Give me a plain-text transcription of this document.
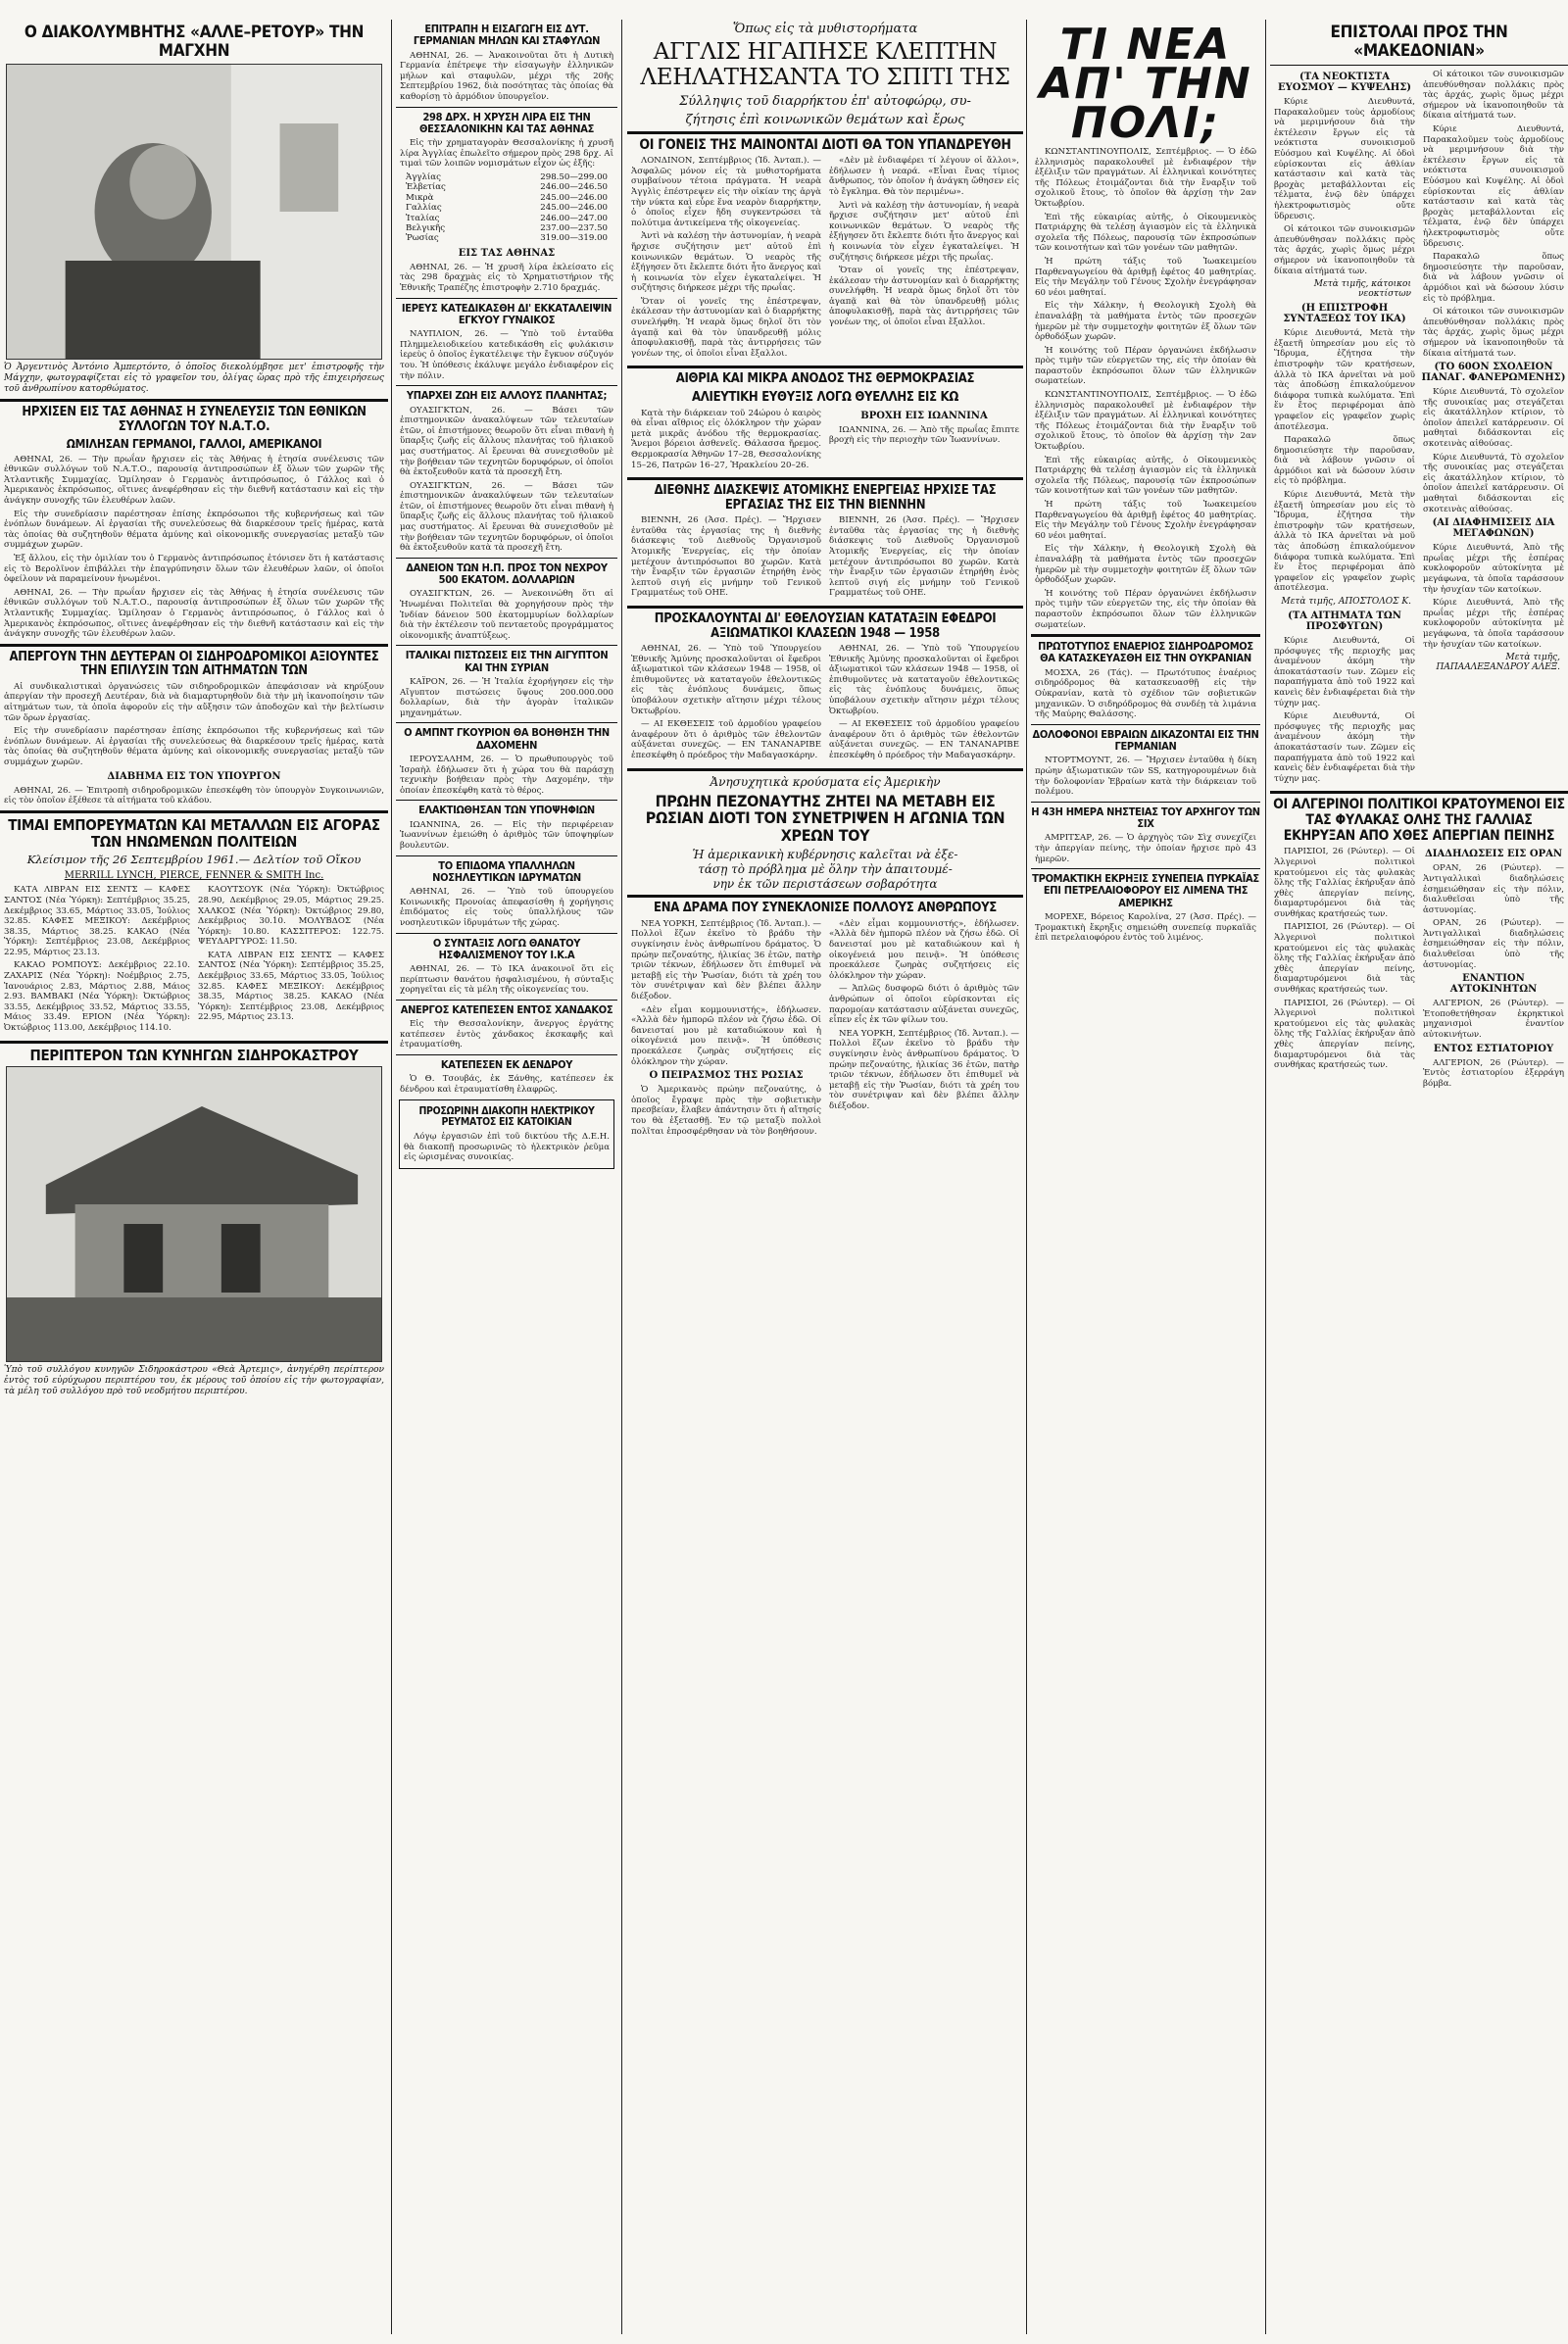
Ο ΔΙΑΚΟΛΥΜΒΗΤΗΣ «ΑΛΛΕ–ΡΕΤΟΥΡ» ΤΗΝ ΜΑΓΧΗΝ
Ὁ Ἀργεντινὸς Ἀντόνιο Ἀμπερτόντο, ὁ ὁποῖος διεκολύμβησε μετ' ἐπιστροφῆς τὴν Μάγχην, φωτογραφίζεται εἰς τὸ γραφεῖον του, ὀλίγας ὥρας πρὸ τῆς ἐπιχειρήσεως τοῦ ἀνθρωπίνου κατορθώματος.
ΗΡΧΙΣΕΝ ΕΙΣ ΤΑΣ ΑΘΗΝΑΣ Η ΣΥΝΕΛΕΥΣΙΣ ΤΩΝ ΕΘΝΙΚΩΝ ΣΥΛΛΟΓΩΝ ΤΟΥ Ν.Α.Τ.Ο.
ΩΜΙΛΗΣΑΝ ΓΕΡΜΑΝΟΙ, ΓΑΛΛΟΙ, ΑΜΕΡΙΚΑΝΟΙ

ΑΘΗΝΑΙ, 26. — Τὴν πρωΐαν ἤρχισεν εἰς τὰς Ἀθήνας ἡ ἐτησία συνέλευσις τῶν ἐθνικῶν συλλόγων τοῦ Ν.Α.Τ.Ο., παρουσίᾳ ἀντιπροσώπων ἐξ ὅλων τῶν χωρῶν τῆς Ἀτλαντικῆς Συμμαχίας. Ὡμίλησαν ὁ Γερμανὸς ἀντιπρόσωπος, ὁ Γάλλος καὶ ὁ Ἀμερικανὸς ἐκπρόσωπος, οἵτινες ἀνεφέρθησαν εἰς τὴν διεθνῆ κατάστασιν καὶ εἰς τὴν ἀνάγκην συνοχῆς τῶν ἐλευθέρων λαῶν.

Εἰς τὴν συνεδρίασιν παρέστησαν ἐπίσης ἐκπρόσωποι τῆς κυβερνήσεως καὶ τῶν ἐνόπλων δυνάμεων. Αἱ ἐργασίαι τῆς συνελεύσεως θὰ διαρκέσουν τρεῖς ἡμέρας, κατὰ τὰς ὁποίας θὰ συζητηθοῦν θέματα ἀμύνης καὶ οἰκονομικῆς συνεργασίας μεταξὺ τῶν συμμάχων χωρῶν.

Ἐξ ἄλλου, εἰς τὴν ὁμιλίαν του ὁ Γερμανὸς ἀντιπρόσωπος ἐτόνισεν ὅτι ἡ κατάστασις εἰς τὸ Βερολῖνον ἐπιβάλλει τὴν ἐπαγρύπνησιν ὅλων τῶν ἐλευθέρων λαῶν, οἱ ὁποῖοι ὀφείλουν νὰ παραμείνουν ἡνωμένοι.

ΑΘΗΝΑΙ, 26. — Τὴν πρωΐαν ἤρχισεν εἰς τὰς Ἀθήνας ἡ ἐτησία συνέλευσις τῶν ἐθνικῶν συλλόγων τοῦ Ν.Α.Τ.Ο., παρουσίᾳ ἀντιπροσώπων ἐξ ὅλων τῶν χωρῶν τῆς Ἀτλαντικῆς Συμμαχίας. Ὡμίλησαν ὁ Γερμανὸς ἀντιπρόσωπος, ὁ Γάλλος καὶ ὁ Ἀμερικανὸς ἐκπρόσωπος, οἵτινες ἀνεφέρθησαν εἰς τὴν διεθνῆ κατάστασιν καὶ εἰς τὴν ἀνάγκην συνοχῆς τῶν ἐλευθέρων λαῶν.

ΑΠΕΡΓΟΥΝ ΤΗΝ ΔΕΥΤΕΡΑΝ ΟΙ ΣΙΔΗΡΟΔΡΟΜΙΚΟΙ ΑΞΙΟΥΝΤΕΣ ΤΗΝ ΕΠΙΛΥΣΙΝ ΤΩΝ ΑΙΤΗΜΑΤΩΝ ΤΩΝ

Αἱ συνδικαλιστικαὶ ὀργανώσεις τῶν σιδηροδρομικῶν ἀπεφάσισαν νὰ κηρύξουν ἀπεργίαν τὴν προσεχῆ Δευτέραν, διὰ νὰ διαμαρτυρηθοῦν διὰ τὴν μὴ ἱκανοποίησιν τῶν αἰτημάτων των, τὰ ὁποῖα ἀφοροῦν εἰς τὴν αὔξησιν τῶν ἀποδοχῶν καὶ τὴν βελτίωσιν τῶν ὅρων ἐργασίας.

Εἰς τὴν συνεδρίασιν παρέστησαν ἐπίσης ἐκπρόσωποι τῆς κυβερνήσεως καὶ τῶν ἐνόπλων δυνάμεων. Αἱ ἐργασίαι τῆς συνελεύσεως θὰ διαρκέσουν τρεῖς ἡμέρας, κατὰ τὰς ὁποίας θὰ συζητηθοῦν θέματα ἀμύνης καὶ οἰκονομικῆς συνεργασίας μεταξὺ τῶν συμμάχων χωρῶν.

ΔΙΑΒΗΜΑ ΕΙΣ ΤΟΝ ΥΠΟΥΡΓΟΝ

ΑΘΗΝΑΙ, 26. — Ἐπιτροπὴ σιδηροδρομικῶν ἐπεσκέφθη τὸν ὑπουργὸν Συγκοινωνιῶν, εἰς τὸν ὁποῖον ἐξέθεσε τὰ αἰτήματα τοῦ κλάδου.

ΤΙΜΑΙ ΕΜΠΟΡΕΥΜΑΤΩΝ ΚΑΙ ΜΕΤΑΛΛΩΝ ΕΙΣ ΑΓΟΡΑΣ ΤΩΝ ΗΝΩΜΕΝΩΝ ΠΟΛΙΤΕΙΩΝ
Κλείσιμον τῆς 26 Σεπτεμβρίου 1961.— Δελτίον τοῦ Οἴκου
MERRILL LYNCH, PIERCE, FENNER & SMITH Inc.

ΚΑΤΑ ΛΙΒΡΑΝ ΕΙΣ ΣΕΝΤΣ — ΚΑΦΕΣ ΣΑΝΤΟΣ (Νέα Ὑόρκη): Σεπτέμβριος 35.25, Δεκέμβριος 33.65, Μάρτιος 33.05, Ἰούλιος 32.85. ΚΑΦΕΣ ΜΕΞΙΚΟΥ: Δεκέμβριος 38.35, Μάρτιος 38.25. ΚΑΚΑΟ (Νέα Ὑόρκη): Σεπτέμβριος 23.08, Δεκέμβριος 22.95, Μάρτιος 23.13.

ΚΑΚΑΟ ΡΟΜΠΟΥΣ: Δεκέμβριος 22.10. ΖΑΧΑΡΙΣ (Νέα Ὑόρκη): Νοέμβριος 2.75, Ἰανουάριος 2.83, Μάρτιος 2.88, Μάιος 2.93. ΒΑΜΒΑΚΙ (Νέα Ὑόρκη): Ὀκτώβριος 33.55, Δεκέμβριος 33.52, Μάρτιος 33.55, Μάιος 33.49. ΕΡΙΟΝ (Νέα Ὑόρκη): Ὀκτώβριος 113.00, Δεκέμβριος 114.10.

ΚΑΟΥΤΣΟΥΚ (Νέα Ὑόρκη): Ὀκτώβριος 28.90, Δεκέμβριος 29.05, Μάρτιος 29.25. ΧΑΛΚΟΣ (Νέα Ὑόρκη): Ὀκτώβριος 29.80, Δεκέμβριος 30.10. ΜΟΛΥΒΔΟΣ (Νέα Ὑόρκη): 10.80. ΚΑΣΣΙΤΕΡΟΣ: 122.75. ΨΕΥΔΑΡΓΥΡΟΣ: 11.50.

ΚΑΤΑ ΛΙΒΡΑΝ ΕΙΣ ΣΕΝΤΣ — ΚΑΦΕΣ ΣΑΝΤΟΣ (Νέα Ὑόρκη): Σεπτέμβριος 35.25, Δεκέμβριος 33.65, Μάρτιος 33.05, Ἰούλιος 32.85. ΚΑΦΕΣ ΜΕΞΙΚΟΥ: Δεκέμβριος 38.35, Μάρτιος 38.25. ΚΑΚΑΟ (Νέα Ὑόρκη): Σεπτέμβριος 23.08, Δεκέμβριος 22.95, Μάρτιος 23.13.

ΠΕΡΙΠΤΕΡΟΝ ΤΩΝ ΚΥΝΗΓΩΝ ΣΙΔΗΡΟΚΑΣΤΡΟΥ
Ὑπὸ τοῦ συλλόγου κυνηγῶν Σιδηροκάστρου «Θεὰ Ἀρτεμις», ἀνηγέρθη περίπτερον ἐντὸς τοῦ εὐρύχωρου περιπτέρου του, ἐκ μέρους τοῦ ὁποίου εἰς τὴν φωτογραφίαν, τὰ μέλη τοῦ συλλόγου πρὸ τοῦ νεοδμήτου περιπτέρου.
ΕΠΙΤΡΑΠΗ Η ΕΙΣΑΓΩΓΗ ΕΙΣ ΔΥΤ. ΓΕΡΜΑΝΙΑΝ ΜΗΛΩΝ ΚΑΙ ΣΤΑΦΥΛΩΝ

ΑΘΗΝΑΙ, 26. — Ἀνακοινοῦται ὅτι ἡ Δυτικὴ Γερμανία ἐπέτρεψε τὴν εἰσαγωγὴν ἑλληνικῶν μήλων καὶ σταφυλῶν, μέχρι τῆς 20ῆς Σεπτεμβρίου 1962, διὰ ποσότητας τὰς ὁποίας θὰ καθορίσῃ τὸ ἀρμόδιον ὑπουργεῖον.

298 ΔΡΧ. Η ΧΡΥΣΗ ΛΙΡΑ ΕΙΣ ΤΗΝ ΘΕΣΣΑΛΟΝΙΚΗΝ ΚΑΙ ΤΑΣ ΑΘΗΝΑΣ

Εἰς τὴν χρηματαγορὰν Θεσσαλονίκης ἡ χρυσῆ λίρα Ἀγγλίας ἐπωλεῖτο σήμερον πρὸς 298 δρχ. Αἱ τιμαὶ τῶν λοιπῶν νομισμάτων εἶχον ὡς ἑξῆς:

Ἀγγλίας	298.50—299.00
Ἑλβετίας	246.00—246.50
Μικρὰ	245.00—246.00
Γαλλίας	245.00—246.00
Ἰταλίας	246.00—247.00
Βελγικῆς	237.00—237.50
Ῥωσίας	319.00—319.00
ΕΙΣ ΤΑΣ ΑΘΗΝΑΣ

ΑΘΗΝΑΙ, 26. — Ἡ χρυσῆ λίρα ἐκλείσατο εἰς τὰς 298 δραχμὰς εἰς τὸ Χρηματιστήριον τῆς Ἐθνικῆς Τραπέζης ἐπιστροφὴν 2.710 δραχμάς.

ΙΕΡΕΥΣ ΚΑΤΕΔΙΚΑΣΘΗ ΔΙ' ΕΚΚΑΤΑΛΕΙΨΙΝ ΕΓΚΥΟΥ ΓΥΝΑΙΚΟΣ

ΝΑΥΠΛΙΟΝ, 26. — Ὑπὸ τοῦ ἐνταῦθα Πλημμελειοδικείου κατεδικάσθη εἰς φυλάκισιν ἱερεὺς ὁ ὁποῖος ἐγκατέλειψε τὴν ἔγκυον σύζυγόν του. Ἡ ὑπόθεσις ἐκάλυψε μεγάλο ἐνδιαφέρον εἰς τὴν πόλιν.

ΥΠΑΡΧΕΙ ΖΩΗ ΕΙΣ ΑΛΛΟΥΣ ΠΛΑΝΗΤΑΣ;

ΟΥΑΣΙΓΚΤΩΝ, 26. — Βάσει τῶν ἐπιστημονικῶν ἀνακαλύψεων τῶν τελευταίων ἐτῶν, οἱ ἐπιστήμονες θεωροῦν ὅτι εἶναι πιθανὴ ἡ ὕπαρξις ζωῆς εἰς ἄλλους πλανήτας τοῦ ἡλιακοῦ μας συστήματος. Αἱ ἔρευναι θὰ συνεχισθοῦν μὲ τὴν βοήθειαν τῶν τεχνητῶν δορυφόρων, οἱ ὁποῖοι θὰ ἐκτοξευθοῦν κατὰ τὰ προσεχῆ ἔτη.

ΟΥΑΣΙΓΚΤΩΝ, 26. — Βάσει τῶν ἐπιστημονικῶν ἀνακαλύψεων τῶν τελευταίων ἐτῶν, οἱ ἐπιστήμονες θεωροῦν ὅτι εἶναι πιθανὴ ἡ ὕπαρξις ζωῆς εἰς ἄλλους πλανήτας τοῦ ἡλιακοῦ μας συστήματος. Αἱ ἔρευναι θὰ συνεχισθοῦν μὲ τὴν βοήθειαν τῶν τεχνητῶν δορυφόρων, οἱ ὁποῖοι θὰ ἐκτοξευθοῦν κατὰ τὰ προσεχῆ ἔτη.

ΔΑΝΕΙΟΝ ΤΩΝ Η.Π. ΠΡΟΣ ΤΟΝ ΝΕΧΡΟΥ 500 ΕΚΑΤΟΜ. ΔΟΛΛΑΡΙΩΝ

ΟΥΑΣΙΓΚΤΩΝ, 26. — Ἀνεκοινώθη ὅτι αἱ Ἡνωμέναι Πολιτεῖαι θὰ χορηγήσουν πρὸς τὴν Ἰνδίαν δάνειον 500 ἑκατομμυρίων δολλαρίων διὰ τὴν ἐκτέλεσιν τοῦ πενταετοῦς προγράμματος οἰκονομικῆς ἀναπτύξεως.

ΙΤΑΛΙΚΑΙ ΠΙΣΤΩΣΕΙΣ ΕΙΣ ΤΗΝ ΑΙΓΥΠΤΟΝ ΚΑΙ ΤΗΝ ΣΥΡΙΑΝ

ΚΑΪΡΟΝ, 26. — Ἡ Ἰταλία ἐχορήγησεν εἰς τὴν Αἴγυπτον πιστώσεις ὕψους 200.000.000 δολλαρίων, διὰ τὴν ἀγορὰν ἰταλικῶν μηχανημάτων.

Ο ΑΜΠΝΤ ΓΚΟΥΡΙΟΝ ΘΑ ΒΟΗΘΗΣΗ ΤΗΝ ΔΑΧΟΜΕΗΝ

ΙΕΡΟΥΣΑΛΗΜ, 26. — Ὁ πρωθυπουργὸς τοῦ Ἰσραὴλ ἐδήλωσεν ὅτι ἡ χώρα του θὰ παράσχῃ τεχνικὴν βοήθειαν πρὸς τὴν Δαχομέην, τὴν ὁποίαν ἐπεσκέφθη κατὰ τὸ θέρος.

ΕΛΑΚΤΙΩΘΗΣΑΝ ΤΩΝ ΥΠΟΨΗΦΙΩΝ

ΙΩΑΝΝΙΝΑ, 26. — Εἰς τὴν περιφέρειαν Ἰωαννίνων ἐμειώθη ὁ ἀριθμὸς τῶν ὑποψηφίων βουλευτῶν.

ΤΟ ΕΠΙΔΟΜΑ ΥΠΑΛΛΗΛΩΝ ΝΟΣΗΛΕΥΤΙΚΩΝ ΙΔΡΥΜΑΤΩΝ

ΑΘΗΝΑΙ, 26. — Ὑπὸ τοῦ ὑπουργείου Κοινωνικῆς Προνοίας ἀπεφασίσθη ἡ χορήγησις ἐπιδόματος εἰς τοὺς ὑπαλλήλους τῶν νοσηλευτικῶν ἱδρυμάτων τῆς χώρας.

Ο ΣΥΝΤΑΞΙΣ ΛΟΓΩ ΘΑΝΑΤΟΥ ΗΣΦΑΛΙΣΜΕΝΟΥ ΤΟΥ Ι.Κ.Α

ΑΘΗΝΑΙ, 26. — Τὸ ΙΚΑ ἀνακοινοῖ ὅτι εἰς περίπτωσιν θανάτου ἠσφαλισμένου, ἡ σύνταξις χορηγεῖται εἰς τὰ μέλη τῆς οἰκογενείας του.

ΑΝΕΡΓΟΣ ΚΑΤΕΠΕΣΕΝ ΕΝΤΟΣ ΧΑΝΔΑΚΟΣ

Εἰς τὴν Θεσσαλονίκην, ἄνεργος ἐργάτης κατέπεσεν ἐντὸς χάνδακος ἐκσκαφῆς καὶ ἐτραυματίσθη.

ΚΑΤΕΠΕΣΕΝ ΕΚ ΔΕΝΔΡΟΥ

Ὁ Θ. Τσουβάς, ἐκ Ξάνθης, κατέπεσεν ἐκ δένδρου καὶ ἐτραυματίσθη ἐλαφρῶς.

ΠΡΟΣΩΡΙΝΗ ΔΙΑΚΟΠΗ ΗΛΕΚΤΡΙΚΟΥ ΡΕΥΜΑΤΟΣ ΕΙΣ ΚΑΤΟΙΚΙΑΝ

Λόγῳ ἐργασιῶν ἐπὶ τοῦ δικτύου τῆς Δ.Ε.Η. θὰ διακοπῇ προσωρινῶς τὸ ἠλεκτρικὸν ῥεῦμα εἰς ὡρισμένας συνοικίας.

Ὅπως εἰς τὰ μυθιστορήματα
ΑΓΓΛΙΣ ΗΓΑΠΗΣΕ ΚΛΕΠΤΗΝ ΛΕΗΛΑΤΗΣΑΝΤΑ ΤΟ ΣΠΙΤΙ ΤΗΣ
Σύλληψις τοῦ διαρρήκτου ἐπ' αὐτοφώρῳ, συ-
ζήτησις ἐπὶ κοινωνικῶν θεμάτων καὶ ἔρως
ΟΙ ΓΟΝΕΙΣ ΤΗΣ ΜΑΙΝΟΝΤΑΙ ΔΙΟΤΙ ΘΑ ΤΟΝ ΥΠΑΝΔΡΕΥΘΗ

ΛΟΝΔΙΝΟΝ, Σεπτέμβριος (Ἰδ. Ἀνταπ.). — Ἀσφαλῶς μόνον εἰς τὰ μυθιστορήματα συμβαίνουν τέτοια πράγματα. Ἡ νεαρὰ Ἀγγλὶς ἐπέστρεψεν εἰς τὴν οἰκίαν της ἀργὰ τὴν νύκτα καὶ εὗρε ἕνα νεαρὸν διαρρήκτην, ὁ ὁποῖος εἶχεν ἤδη συγκεντρώσει τὰ πολύτιμα ἀντικείμενα τῆς οἰκογενείας.

Ἀντὶ νὰ καλέσῃ τὴν ἀστυνομίαν, ἡ νεαρὰ ἤρχισε συζήτησιν μετ' αὐτοῦ ἐπὶ κοινωνικῶν θεμάτων. Ὁ νεαρὸς τῆς ἐξήγησεν ὅτι ἔκλεπτε διότι ἦτο ἄνεργος καὶ ἡ κοινωνία τὸν εἶχεν ἐγκαταλείψει. Ἡ συζήτησις διήρκεσε μέχρι τῆς πρωΐας.

Ὅταν οἱ γονεῖς της ἐπέστρεψαν, ἐκάλεσαν τὴν ἀστυνομίαν καὶ ὁ διαρρήκτης συνελήφθη. Ἡ νεαρὰ ὅμως δηλοῖ ὅτι τὸν ἀγαπᾷ καὶ θὰ τὸν ὑπανδρευθῇ μόλις ἀποφυλακισθῇ, παρὰ τὰς ἀντιρρήσεις τῶν γονέων της, οἱ ὁποῖοι εἶναι ἔξαλλοι.

«Δὲν μὲ ἐνδιαφέρει τί λέγουν οἱ ἄλλοι», ἐδήλωσεν ἡ νεαρά. «Εἶναι ἕνας τίμιος ἄνθρωπος, τὸν ὁποῖον ἡ ἀνάγκη ὤθησεν εἰς τὸ ἔγκλημα. Θὰ τὸν περιμένω».

Ἀντὶ νὰ καλέσῃ τὴν ἀστυνομίαν, ἡ νεαρὰ ἤρχισε συζήτησιν μετ' αὐτοῦ ἐπὶ κοινωνικῶν θεμάτων. Ὁ νεαρὸς τῆς ἐξήγησεν ὅτι ἔκλεπτε διότι ἦτο ἄνεργος καὶ ἡ κοινωνία τὸν εἶχεν ἐγκαταλείψει. Ἡ συζήτησις διήρκεσε μέχρι τῆς πρωΐας.

Ὅταν οἱ γονεῖς της ἐπέστρεψαν, ἐκάλεσαν τὴν ἀστυνομίαν καὶ ὁ διαρρήκτης συνελήφθη. Ἡ νεαρὰ ὅμως δηλοῖ ὅτι τὸν ἀγαπᾷ καὶ θὰ τὸν ὑπανδρευθῇ μόλις ἀποφυλακισθῇ, παρὰ τὰς ἀντιρρήσεις τῶν γονέων της, οἱ ὁποῖοι εἶναι ἔξαλλοι.

ΑΙΘΡΙΑ ΚΑΙ ΜΙΚΡΑ ΑΝΟΔΟΣ ΤΗΣ ΘΕΡΜΟΚΡΑΣΙΑΣ
ΑΛΙΕΥΤΙΚΗ ΕΥΘΥΞΙΣ ΛΟΓΩ ΘΥΕΛΛΗΣ ΕΙΣ ΚΩ

Κατὰ τὴν διάρκειαν τοῦ 24ώρου ὁ καιρὸς θὰ εἶναι αἴθριος εἰς ὁλόκληρον τὴν χώραν μετὰ μικρᾶς ἀνόδου τῆς θερμοκρασίας. Ἄνεμοι βόρειοι ἀσθενεῖς. Θάλασσα ἤρεμος. Θερμοκρασία Ἀθηνῶν 17–28, Θεσσαλονίκης 15–26, Πατρῶν 16–27, Ἡρακλείου 20–26.

ΒΡΟΧΗ ΕΙΣ ΙΩΑΝΝΙΝΑ

ΙΩΑΝΝΙΝΑ, 26. — Ἀπὸ τῆς πρωΐας ἔπιπτε βροχὴ εἰς τὴν περιοχὴν τῶν Ἰωαννίνων.

ΔΙΕΘΝΗΣ ΔΙΑΣΚΕΨΙΣ ΑΤΟΜΙΚΗΣ ΕΝΕΡΓΕΙΑΣ ΗΡΧΙΣΕ ΤΑΣ ΕΡΓΑΣΙΑΣ ΤΗΣ ΕΙΣ ΤΗΝ ΒΙΕΝΝΗΝ

ΒΙΕΝΝΗ, 26 (Ἀσσ. Πρές). — Ἤρχισεν ἐνταῦθα τὰς ἐργασίας της ἡ διεθνὴς διάσκεψις τοῦ Διεθνοῦς Ὀργανισμοῦ Ἀτομικῆς Ἐνεργείας, εἰς τὴν ὁποίαν μετέχουν ἀντιπρόσωποι 80 χωρῶν. Κατὰ τὴν ἔναρξιν τῶν ἐργασιῶν ἐτηρήθη ἑνὸς λεπτοῦ σιγή εἰς μνήμην τοῦ Γενικοῦ Γραμματέως τοῦ ΟΗΕ.

ΒΙΕΝΝΗ, 26 (Ἀσσ. Πρές). — Ἤρχισεν ἐνταῦθα τὰς ἐργασίας της ἡ διεθνὴς διάσκεψις τοῦ Διεθνοῦς Ὀργανισμοῦ Ἀτομικῆς Ἐνεργείας, εἰς τὴν ὁποίαν μετέχουν ἀντιπρόσωποι 80 χωρῶν. Κατὰ τὴν ἔναρξιν τῶν ἐργασιῶν ἐτηρήθη ἑνὸς λεπτοῦ σιγή εἰς μνήμην τοῦ Γενικοῦ Γραμματέως τοῦ ΟΗΕ.

ΠΡΟΣΚΑΛΟΥΝΤΑΙ ΔΙ' ΕΘΕΛΟΥΣΙΑΝ ΚΑΤΑΤΑΞΙΝ ΕΦΕΔΡΟΙ ΑΞΙΩΜΑΤΙΚΟΙ ΚΛΑΣΕΩΝ 1948 — 1958

ΑΘΗΝΑΙ, 26. — Ὑπὸ τοῦ Ὑπουργείου Ἐθνικῆς Ἀμύνης προσκαλοῦνται οἱ ἔφεδροι ἀξιωματικοὶ τῶν κλάσεων 1948 — 1958, οἱ ἐπιθυμοῦντες νὰ καταταγοῦν ἐθελοντικῶς εἰς τὰς ἐνόπλους δυνάμεις, ὅπως ὑποβάλουν σχετικὴν αἴτησιν μέχρι τέλους Ὀκτωβρίου.

— ΑΙ ΕΚΘΕΣΕΙΣ τοῦ ἀρμοδίου γραφείου ἀναφέρουν ὅτι ὁ ἀριθμὸς τῶν ἐθελοντῶν αὐξάνεται συνεχῶς. — ΕΝ ΤΑΝΑΝΑΡΙΒΕ ἐπεσκέφθη ὁ πρόεδρος τὴν Μαδαγασκάρην.

ΑΘΗΝΑΙ, 26. — Ὑπὸ τοῦ Ὑπουργείου Ἐθνικῆς Ἀμύνης προσκαλοῦνται οἱ ἔφεδροι ἀξιωματικοὶ τῶν κλάσεων 1948 — 1958, οἱ ἐπιθυμοῦντες νὰ καταταγοῦν ἐθελοντικῶς εἰς τὰς ἐνόπλους δυνάμεις, ὅπως ὑποβάλουν σχετικὴν αἴτησιν μέχρι τέλους Ὀκτωβρίου.

— ΑΙ ΕΚΘΕΣΕΙΣ τοῦ ἀρμοδίου γραφείου ἀναφέρουν ὅτι ὁ ἀριθμὸς τῶν ἐθελοντῶν αὐξάνεται συνεχῶς. — ΕΝ ΤΑΝΑΝΑΡΙΒΕ ἐπεσκέφθη ὁ πρόεδρος τὴν Μαδαγασκάρην.

Ἀνησυχητικὰ κρούσματα εἰς Ἀμερικὴν
ΠΡΩΗΝ ΠΕΖΟΝΑΥΤΗΣ ΖΗΤΕΙ ΝΑ ΜΕΤΑΒΗ ΕΙΣ ΡΩΣΙΑΝ ΔΙΟΤΙ ΤΟΝ ΣΥΝΕΤΡΙΨΕΝ Η ΑΓΩΝΙΑ ΤΩΝ ΧΡΕΩΝ ΤΟΥ
Ἡ ἀμερικανικὴ κυβέρνησις καλεῖται νὰ ἐξε-
τάσῃ τὸ πρόβλημα μὲ ὅλην τὴν ἀπαιτουμέ-
νην ἐκ τῶν περιστάσεων σοβαρότητα
ΕΝΑ ΔΡΑΜΑ ΠΟΥ ΣΥΝΕΚΛΟΝΙΣΕ ΠΟΛΛΟΥΣ ΑΝΘΡΩΠΟΥΣ

ΝΕΑ ΥΟΡΚΗ, Σεπτέμβριος (Ἰδ. Ἀνταπ.). — Πολλοὶ ἔζων ἐκεῖνο τὸ βράδυ τὴν συγκίνησιν ἑνὸς ἀνθρωπίνου δράματος. Ὁ πρώην πεζοναύτης, ἠλικίας 36 ἐτῶν, πατὴρ τριῶν τέκνων, ἐδήλωσεν ὅτι ἐπιθυμεῖ νὰ μεταβῇ εἰς τὴν Ῥωσίαν, διότι τὰ χρέη του τὸν συνέτριψαν καὶ δὲν βλέπει ἄλλην διέξοδον.

«Δὲν εἶμαι κομμουνιστής», ἐδήλωσεν. «Ἀλλὰ δὲν ἠμπορῶ πλέον νὰ ζήσω ἐδῶ. Οἱ δανεισταί μου μὲ καταδιώκουν καὶ ἡ οἰκογένειά μου πεινᾷ». Ἡ ὑπόθεσις προεκάλεσε ζωηρὰς συζητήσεις εἰς ὁλόκληρον τὴν χώραν.

Ο ΠΕΙΡΑΣΜΟΣ ΤΗΣ ΡΩΣΙΑΣ

Ὁ Ἀμερικανὸς πρώην πεζοναύτης, ὁ ὁποῖος ἔγραψε πρὸς τὴν σοβιετικὴν πρεσβείαν, ἔλαβεν ἀπάντησιν ὅτι ἡ αἴτησίς του θὰ ἐξετασθῇ. Ἐν τῷ μεταξὺ πολλοὶ πολῖται ἐπροσφέρθησαν νὰ τὸν βοηθήσουν.

«Δὲν εἶμαι κομμουνιστής», ἐδήλωσεν. «Ἀλλὰ δὲν ἠμπορῶ πλέον νὰ ζήσω ἐδῶ. Οἱ δανεισταί μου μὲ καταδιώκουν καὶ ἡ οἰκογένειά μου πεινᾷ». Ἡ ὑπόθεσις προεκάλεσε ζωηρὰς συζητήσεις εἰς ὁλόκληρον τὴν χώραν.

— Ἀπλῶς δυσφορῶ διότι ὁ ἀριθμὸς τῶν ἀνθρώπων οἱ ὁποῖοι εὑρίσκονται εἰς παρομοίαν κατάστασιν αὐξάνεται συνεχῶς, εἶπεν εἷς ἐκ τῶν φίλων του.

ΝΕΑ ΥΟΡΚΗ, Σεπτέμβριος (Ἰδ. Ἀνταπ.). — Πολλοὶ ἔζων ἐκεῖνο τὸ βράδυ τὴν συγκίνησιν ἑνὸς ἀνθρωπίνου δράματος. Ὁ πρώην πεζοναύτης, ἠλικίας 36 ἐτῶν, πατὴρ τριῶν τέκνων, ἐδήλωσεν ὅτι ἐπιθυμεῖ νὰ μεταβῇ εἰς τὴν Ῥωσίαν, διότι τὰ χρέη του τὸν συνέτριψαν καὶ δὲν βλέπει ἄλλην διέξοδον.

ΤΙ ΝΕΑ ΑΠ' ΤΗΝ ΠΟΛΙ;

ΚΩΝΣΤΑΝΤΙΝΟΥΠΟΛΙΣ, Σεπτέμβριος. — Ὁ ἐδῶ ἑλληνισμὸς παρακολουθεῖ μὲ ἐνδιαφέρον τὴν ἐξέλιξιν τῶν πραγμάτων. Αἱ ἑλληνικαὶ κοινότητες τῆς Πόλεως ἑτοιμάζονται διὰ τὴν ἔναρξιν τοῦ σχολικοῦ ἔτους, τὸ ὁποῖον θὰ ἀρχίσῃ τὴν 2αν Ὀκτωβρίου.

Ἐπὶ τῆς εὐκαιρίας αὐτῆς, ὁ Οἰκουμενικὸς Πατριάρχης θὰ τελέσῃ ἁγιασμὸν εἰς τὰ ἑλληνικὰ σχολεῖα τῆς Πόλεως, παρουσίᾳ τῶν ἐκπροσώπων τῶν κοινοτήτων καὶ τῶν γονέων τῶν μαθητῶν.

Ἡ πρώτη τάξις τοῦ Ἰωακειμείου Παρθεναγωγείου θὰ ἀριθμῇ ἐφέτος 40 μαθητρίας. Εἰς τὴν Μεγάλην τοῦ Γένους Σχολὴν ἐνεγράφησαν 60 νέοι μαθηταί.

Εἰς τὴν Χάλκην, ἡ Θεολογικὴ Σχολὴ θὰ ἐπαναλάβῃ τὰ μαθήματα ἐντὸς τῶν προσεχῶν ἡμερῶν μὲ τὴν συμμετοχὴν φοιτητῶν ἐξ ὅλων τῶν ὀρθοδόξων χωρῶν.

Ἡ κοινότης τοῦ Πέραν ὀργανώνει ἐκδήλωσιν πρὸς τιμὴν τῶν εὐεργετῶν της, εἰς τὴν ὁποίαν θὰ παραστοῦν ἐκπρόσωποι ὅλων τῶν ἑλληνικῶν σωματείων.

ΚΩΝΣΤΑΝΤΙΝΟΥΠΟΛΙΣ, Σεπτέμβριος. — Ὁ ἐδῶ ἑλληνισμὸς παρακολουθεῖ μὲ ἐνδιαφέρον τὴν ἐξέλιξιν τῶν πραγμάτων. Αἱ ἑλληνικαὶ κοινότητες τῆς Πόλεως ἑτοιμάζονται διὰ τὴν ἔναρξιν τοῦ σχολικοῦ ἔτους, τὸ ὁποῖον θὰ ἀρχίσῃ τὴν 2αν Ὀκτωβρίου.

Ἐπὶ τῆς εὐκαιρίας αὐτῆς, ὁ Οἰκουμενικὸς Πατριάρχης θὰ τελέσῃ ἁγιασμὸν εἰς τὰ ἑλληνικὰ σχολεῖα τῆς Πόλεως, παρουσίᾳ τῶν ἐκπροσώπων τῶν κοινοτήτων καὶ τῶν γονέων τῶν μαθητῶν.

Ἡ πρώτη τάξις τοῦ Ἰωακειμείου Παρθεναγωγείου θὰ ἀριθμῇ ἐφέτος 40 μαθητρίας. Εἰς τὴν Μεγάλην τοῦ Γένους Σχολὴν ἐνεγράφησαν 60 νέοι μαθηταί.

Εἰς τὴν Χάλκην, ἡ Θεολογικὴ Σχολὴ θὰ ἐπαναλάβῃ τὰ μαθήματα ἐντὸς τῶν προσεχῶν ἡμερῶν μὲ τὴν συμμετοχὴν φοιτητῶν ἐξ ὅλων τῶν ὀρθοδόξων χωρῶν.

Ἡ κοινότης τοῦ Πέραν ὀργανώνει ἐκδήλωσιν πρὸς τιμὴν τῶν εὐεργετῶν της, εἰς τὴν ὁποίαν θὰ παραστοῦν ἐκπρόσωποι ὅλων τῶν ἑλληνικῶν σωματείων.

ΠΡΩΤΟΤΥΠΟΣ ΕΝΑΕΡΙΟΣ ΣΙΔΗΡΟΔΡΟΜΟΣ ΘΑ ΚΑΤΑΣΚΕΥΑΣΘΗ ΕΙΣ ΤΗΝ ΟΥΚΡΑΝΙΑΝ

ΜΟΣΧΑ, 26 (Τάς). — Πρωτότυπος ἐναέριος σιδηρόδρομος θὰ κατασκευασθῇ εἰς τὴν Οὐκρανίαν, κατὰ τὸ σχέδιον τῶν σοβιετικῶν μηχανικῶν. Ὁ σιδηρόδρομος θὰ συνδέῃ τὰ λιμάνια τῆς Μαύρης Θαλάσσης.

ΔΟΛΟΦΟΝΟΙ ΕΒΡΑΙΩΝ ΔΙΚΑΖΟΝΤΑΙ ΕΙΣ ΤΗΝ ΓΕΡΜΑΝΙΑΝ

ΝΤΟΡΤΜΟΥΝΤ, 26. — Ἤρχισεν ἐνταῦθα ἡ δίκη πρώην ἀξιωματικῶν τῶν SS, κατηγορουμένων διὰ τὴν δολοφονίαν Ἑβραίων κατὰ τὴν διάρκειαν τοῦ πολέμου.

Η 43Η ΗΜΕΡΑ ΝΗΣΤΕΙΑΣ ΤΟΥ ΑΡΧΗΓΟΥ ΤΩΝ ΣΙΧ

ΑΜΡΙΤΣΑΡ, 26. — Ὁ ἀρχηγὸς τῶν Σὶχ συνεχίζει τὴν ἀπεργίαν πείνης, τὴν ὁποίαν ἤρχισε πρὸ 43 ἡμερῶν.

ΤΡΟΜΑΚΤΙΚΗ ΕΚΡΗΞΙΣ ΣΥΝΕΠΕΙΑ ΠΥΡΚΑΪΑΣ ΕΠΙ ΠΕΤΡΕΛΑΙΟΦΟΡΟΥ ΕΙΣ ΛΙΜΕΝΑ ΤΗΣ ΑΜΕΡΙΚΗΣ

ΜΟΡΕΧΕ, Βόρειος Καρολίνα, 27 (Ἀσσ. Πρές). — Τρομακτικὴ ἔκρηξις σημειώθη συνεπείᾳ πυρκαϊᾶς ἐπὶ πετρελαιοφόρου ἐντὸς τοῦ λιμένος.

ΕΠΙΣΤΟΛΑΙ ΠΡΟΣ ΤΗΝ «ΜΑΚΕΔΟΝΙΑΝ»
(ΤΑ ΝΕΟΚΤΙΣΤΑ ΕΥΟΣΜΟΥ — ΚΥΨΕΛΗΣ)

Κύριε Διευθυντά, Παρακαλοῦμεν τοὺς ἀρμοδίους νὰ μεριμνήσουν διὰ τὴν ἐκτέλεσιν ἔργων εἰς τὰ νεόκτιστα συνοικισμοῦ Εὐόσμου καὶ Κυψέλης. Αἱ ὁδοὶ εὑρίσκονται εἰς ἀθλίαν κατάστασιν καὶ κατὰ τὰς βροχὰς μεταβάλλονται εἰς τέλματα, ἐνῷ δὲν ὑπάρχει ἠλεκτροφωτισμὸς οὔτε ὕδρευσις.

Οἱ κάτοικοι τῶν συνοικισμῶν ἀπευθύνθησαν πολλάκις πρὸς τὰς ἀρχάς, χωρὶς ὅμως μέχρι σήμερον νὰ ἱκανοποιηθοῦν τὰ δίκαια αἰτήματά των.

Μετὰ τιμῆς, κάτοικοι νεοκτίστων
(Η ΕΠΙΣΤΡΟΦΗ ΣΥΝΤΑΞΕΩΣ ΤΟΥ ΙΚΑ)

Κύριε Διευθυντά, Μετὰ τὴν ἐξαετῆ ὑπηρεσίαν μου εἰς τὸ Ἵδρυμα, ἐζήτησα τὴν ἐπιστροφὴν τῶν κρατήσεων, ἀλλὰ τὸ ΙΚΑ ἀρνεῖται νὰ μοῦ τὰς ἀποδώσῃ ἐπικαλούμενον διάφορα τυπικὰ κωλύματα. Ἐπὶ ἕν ἔτος περιφέρομαι ἀπὸ γραφεῖον εἰς γραφεῖον χωρὶς ἀποτέλεσμα.

Παρακαλῶ ὅπως δημοσιεύσητε τὴν παροῦσαν, διὰ νὰ λάβουν γνῶσιν οἱ ἀρμόδιοι καὶ νὰ δώσουν λύσιν εἰς τὸ πρόβλημα.

Κύριε Διευθυντά, Μετὰ τὴν ἐξαετῆ ὑπηρεσίαν μου εἰς τὸ Ἵδρυμα, ἐζήτησα τὴν ἐπιστροφὴν τῶν κρατήσεων, ἀλλὰ τὸ ΙΚΑ ἀρνεῖται νὰ μοῦ τὰς ἀποδώσῃ ἐπικαλούμενον διάφορα τυπικὰ κωλύματα. Ἐπὶ ἕν ἔτος περιφέρομαι ἀπὸ γραφεῖον εἰς γραφεῖον χωρὶς ἀποτέλεσμα.

Μετὰ τιμῆς, ΑΠΟΣΤΟΛΟΣ Κ.
(ΤΑ ΑΙΤΗΜΑΤΑ ΤΩΝ ΠΡΟΣΦΥΓΩΝ)

Κύριε Διευθυντά, Οἱ πρόσφυγες τῆς περιοχῆς μας ἀναμένουν ἀκόμη τὴν ἀποκατάστασίν των. Ζῶμεν εἰς παραπήγματα ἀπὸ τοῦ 1922 καὶ κανεὶς δὲν ἐνδιαφέρεται διὰ τὴν τύχην μας.

Κύριε Διευθυντά, Οἱ πρόσφυγες τῆς περιοχῆς μας ἀναμένουν ἀκόμη τὴν ἀποκατάστασίν των. Ζῶμεν εἰς παραπήγματα ἀπὸ τοῦ 1922 καὶ κανεὶς δὲν ἐνδιαφέρεται διὰ τὴν τύχην μας.

Οἱ κάτοικοι τῶν συνοικισμῶν ἀπευθύνθησαν πολλάκις πρὸς τὰς ἀρχάς, χωρὶς ὅμως μέχρι σήμερον νὰ ἱκανοποιηθοῦν τὰ δίκαια αἰτήματά των.

Κύριε Διευθυντά, Παρακαλοῦμεν τοὺς ἀρμοδίους νὰ μεριμνήσουν διὰ τὴν ἐκτέλεσιν ἔργων εἰς τὰ νεόκτιστα συνοικισμοῦ Εὐόσμου καὶ Κυψέλης. Αἱ ὁδοὶ εὑρίσκονται εἰς ἀθλίαν κατάστασιν καὶ κατὰ τὰς βροχὰς μεταβάλλονται εἰς τέλματα, ἐνῷ δὲν ὑπάρχει ἠλεκτροφωτισμὸς οὔτε ὕδρευσις.

Παρακαλῶ ὅπως δημοσιεύσητε τὴν παροῦσαν, διὰ νὰ λάβουν γνῶσιν οἱ ἀρμόδιοι καὶ νὰ δώσουν λύσιν εἰς τὸ πρόβλημα.

Οἱ κάτοικοι τῶν συνοικισμῶν ἀπευθύνθησαν πολλάκις πρὸς τὰς ἀρχάς, χωρὶς ὅμως μέχρι σήμερον νὰ ἱκανοποιηθοῦν τὰ δίκαια αἰτήματά των.

(ΤΟ 60ΟΝ ΣΧΟΛΕΙΟΝ ΠΑΝΑΓ. ΦΑΝΕΡΩΜΕΝΗΣ)

Κύριε Διευθυντά, Τὸ σχολεῖον τῆς συνοικίας μας στεγάζεται εἰς ἀκατάλληλον κτίριον, τὸ ὁποῖον ἀπειλεῖ κατάρρευσιν. Οἱ μαθηταὶ διδάσκονται εἰς σκοτεινὰς αἰθούσας.

Κύριε Διευθυντά, Τὸ σχολεῖον τῆς συνοικίας μας στεγάζεται εἰς ἀκατάλληλον κτίριον, τὸ ὁποῖον ἀπειλεῖ κατάρρευσιν. Οἱ μαθηταὶ διδάσκονται εἰς σκοτεινὰς αἰθούσας.

(ΑΙ ΔΙΑΦΗΜΙΣΕΙΣ ΔΙΑ ΜΕΓΑΦΩΝΩΝ)

Κύριε Διευθυντά, Ἀπὸ τῆς πρωΐας μέχρι τῆς ἑσπέρας κυκλοφοροῦν αὐτοκίνητα μὲ μεγάφωνα, τὰ ὁποῖα ταράσσουν τὴν ἡσυχίαν τῶν κατοίκων.

Κύριε Διευθυντά, Ἀπὸ τῆς πρωΐας μέχρι τῆς ἑσπέρας κυκλοφοροῦν αὐτοκίνητα μὲ μεγάφωνα, τὰ ὁποῖα ταράσσουν τὴν ἡσυχίαν τῶν κατοίκων.

Μετὰ τιμῆς, ΠΑΠΑΑΛΕΞΑΝΔΡΟΥ ΑΛΕΞ.
ΟΙ ΑΛΓΕΡΙΝΟΙ ΠΟΛΙΤΙΚΟΙ ΚΡΑΤΟΥΜΕΝΟΙ ΕΙΣ ΤΑΣ ΦΥΛΑΚΑΣ ΟΛΗΣ ΤΗΣ ΓΑΛΛΙΑΣ ΕΚΗΡΥΞΑΝ ΑΠΟ ΧΘΕΣ ΑΠΕΡΓΙΑΝ ΠΕΙΝΗΣ

ΠΑΡΙΣΙΟΙ, 26 (Ρώυτερ). — Οἱ Ἀλγερινοὶ πολιτικοὶ κρατούμενοι εἰς τὰς φυλακὰς ὅλης τῆς Γαλλίας ἐκήρυξαν ἀπὸ χθὲς ἀπεργίαν πείνης, διαμαρτυρόμενοι διὰ τὰς συνθήκας κρατήσεώς των.

ΠΑΡΙΣΙΟΙ, 26 (Ρώυτερ). — Οἱ Ἀλγερινοὶ πολιτικοὶ κρατούμενοι εἰς τὰς φυλακὰς ὅλης τῆς Γαλλίας ἐκήρυξαν ἀπὸ χθὲς ἀπεργίαν πείνης, διαμαρτυρόμενοι διὰ τὰς συνθήκας κρατήσεώς των.

ΠΑΡΙΣΙΟΙ, 26 (Ρώυτερ). — Οἱ Ἀλγερινοὶ πολιτικοὶ κρατούμενοι εἰς τὰς φυλακὰς ὅλης τῆς Γαλλίας ἐκήρυξαν ἀπὸ χθὲς ἀπεργίαν πείνης, διαμαρτυρόμενοι διὰ τὰς συνθήκας κρατήσεώς των.

ΔΙΑΔΗΛΩΣΕΙΣ ΕΙΣ ΟΡΑΝ

ΟΡΑΝ, 26 (Ρώυτερ). — Ἀντιγαλλικαὶ διαδηλώσεις ἐσημειώθησαν εἰς τὴν πόλιν, διαλυθεῖσαι ὑπὸ τῆς ἀστυνομίας.

ΟΡΑΝ, 26 (Ρώυτερ). — Ἀντιγαλλικαὶ διαδηλώσεις ἐσημειώθησαν εἰς τὴν πόλιν, διαλυθεῖσαι ὑπὸ τῆς ἀστυνομίας.

ΕΝΑΝΤΙΟΝ ΑΥΤΟΚΙΝΗΤΩΝ

ΑΛΓΕΡΙΟΝ, 26 (Ρώυτερ). — Ἐτοποθετήθησαν ἐκρηκτικοὶ μηχανισμοὶ ἐναντίον αὐτοκινήτων.

ΕΝΤΟΣ ΕΣΤΙΑΤΟΡΙΟΥ

ΑΛΓΕΡΙΟΝ, 26 (Ρώυτερ). — Ἐντὸς ἑστιατορίου ἐξερράγη βόμβα.
